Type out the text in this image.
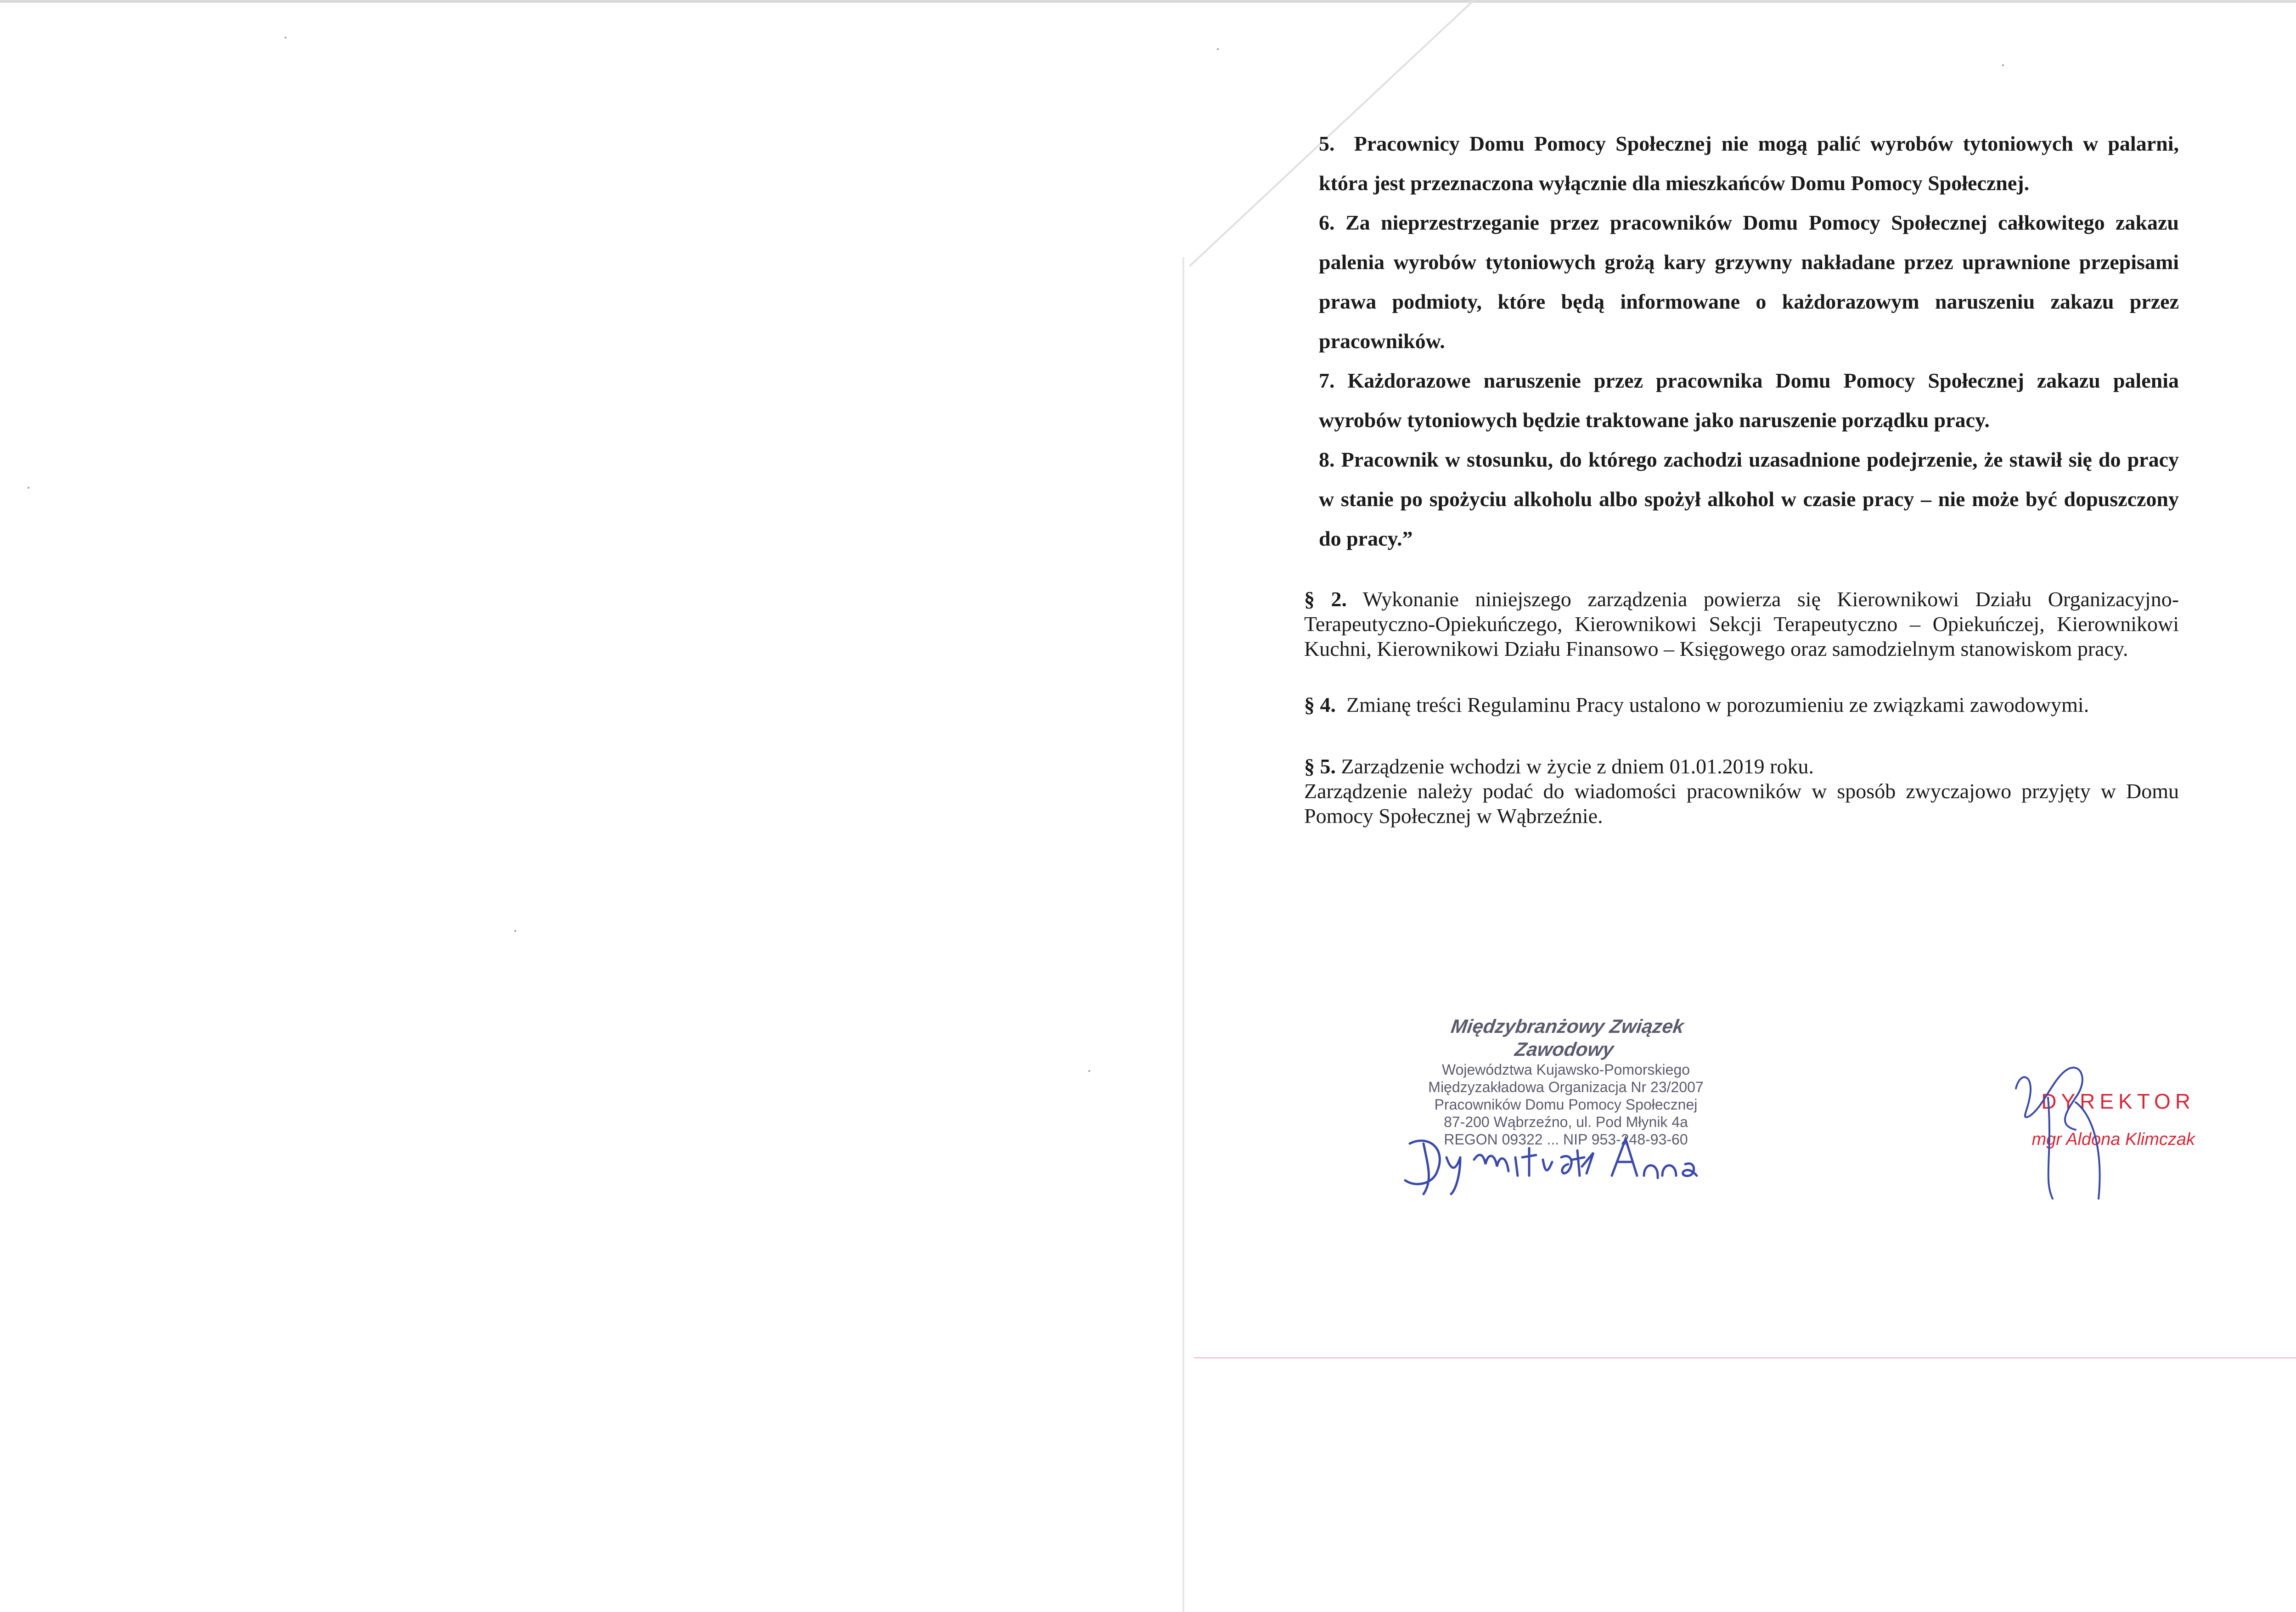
5. Pracownicy Domu Pomocy Społecznej nie mogą palić wyrobów tytoniowych w palarni, która jest przeznaczona wyłącznie dla mieszkańców Domu Pomocy Społecznej.

6. Za nieprzestrzeganie przez pracowników Domu Pomocy Społecznej całkowitego zakazu palenia wyrobów tytoniowych grożą kary grzywny nakładane przez uprawnione przepisami prawa podmioty, które będą informowane o każdorazowym naruszeniu zakazu przez pracowników.

7. Każdorazowe naruszenie przez pracownika Domu Pomocy Społecznej zakazu palenia wyrobów tytoniowych będzie traktowane jako naruszenie porządku pracy.

8. Pracownik w stosunku, do którego zachodzi uzasadnione podejrzenie, że stawił się do pracy w stanie po spożyciu alkoholu albo spożył alkohol w czasie pracy – nie może być dopuszczony do pracy.”

§ 2. Wykonanie niniejszego zarządzenia powierza się Kierownikowi Działu Organizacyjno-Terapeutyczno-Opiekuńczego, Kierownikowi Sekcji Terapeutyczno – Opiekuńczej, Kierownikowi Kuchni, Kierownikowi Działu Finansowo – Księgowego oraz samodzielnym stanowiskom pracy.

§ 4. Zmianę treści Regulaminu Pracy ustalono w porozumieniu ze związkami zawodowymi.

§ 5. Zarządzenie wchodzi w życie z dniem 01.01.2019 roku.

Zarządzenie należy podać do wiadomości pracowników w sposób zwyczajowo przyjęty w Domu Pomocy Społecznej w Wąbrzeźnie.

Międzybranżowy Związek Zawodowy
Województwa Kujawsko-Pomorskiego
Międzyzakładowa Organizacja Nr 23/2007
Pracowników Domu Pomocy Społecznej
87-200 Wąbrzeźno, ul. Pod Młynik 4a
REGON 09322 ... NIP 953-248-93-60
DYREKTOR
mgr Aldona Klimczak
